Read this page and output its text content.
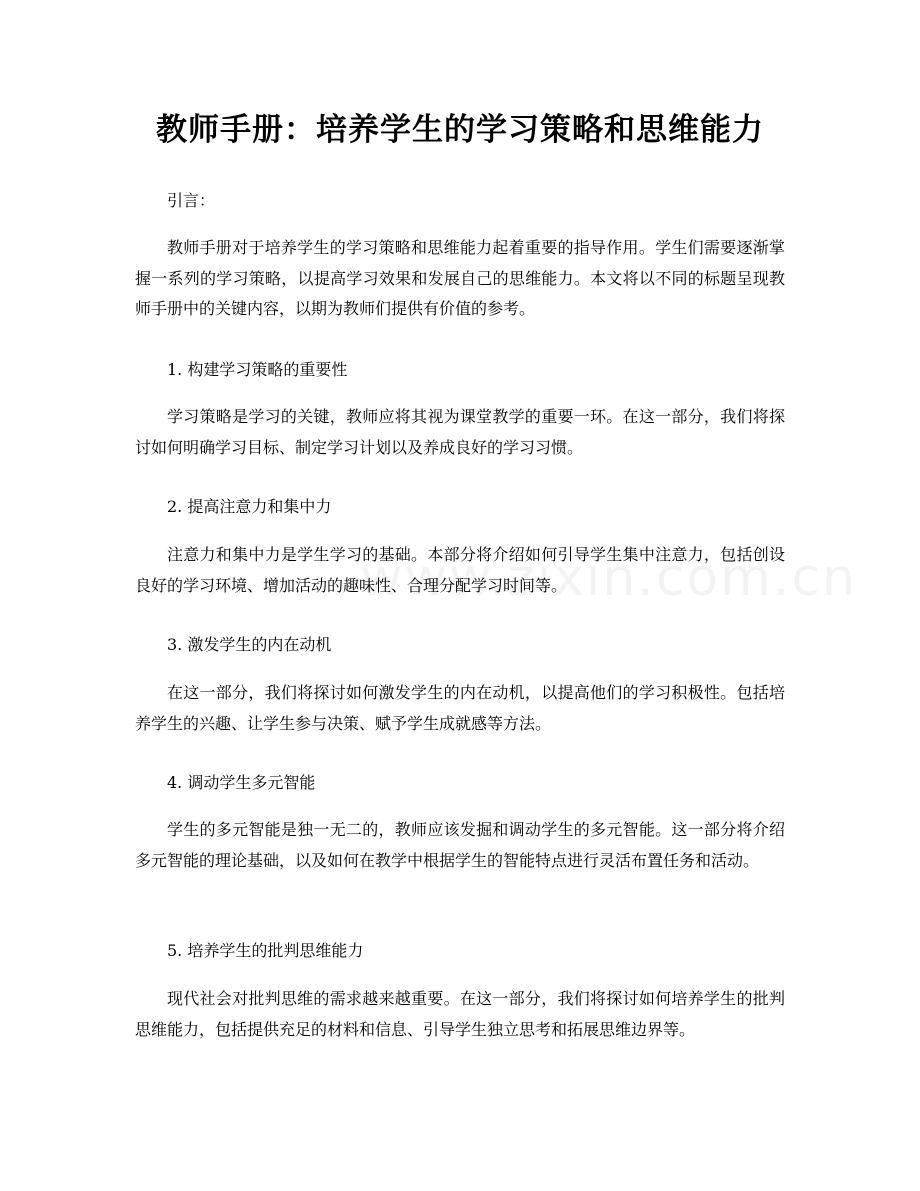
教师手册：培养学生的学习策略和思维能力
引言：
教师手册对于培养学生的学习策略和思维能力起着重要的指导作用。学生们需要逐渐掌握一系列的学习策略，以提高学习效果和发展自己的思维能力。本文将以不同的标题呈现教师手册中的关键内容，以期为教师们提供有价值的参考。
1. 构建学习策略的重要性
学习策略是学习的关键，教师应将其视为课堂教学的重要一环。在这一部分，我们将探讨如何明确学习目标、制定学习计划以及养成良好的学习习惯。
2. 提高注意力和集中力
注意力和集中力是学生学习的基础。本部分将介绍如何引导学生集中注意力，包括创设良好的学习环境、增加活动的趣味性、合理分配学习时间等。
3. 激发学生的内在动机
在这一部分，我们将探讨如何激发学生的内在动机，以提高他们的学习积极性。包括培养学生的兴趣、让学生参与决策、赋予学生成就感等方法。
4. 调动学生多元智能
学生的多元智能是独一无二的，教师应该发掘和调动学生的多元智能。这一部分将介绍多元智能的理论基础，以及如何在教学中根据学生的智能特点进行灵活布置任务和活动。
5. 培养学生的批判思维能力
现代社会对批判思维的需求越来越重要。在这一部分，我们将探讨如何培养学生的批判思维能力，包括提供充足的材料和信息、引导学生独立思考和拓展思维边界等。
